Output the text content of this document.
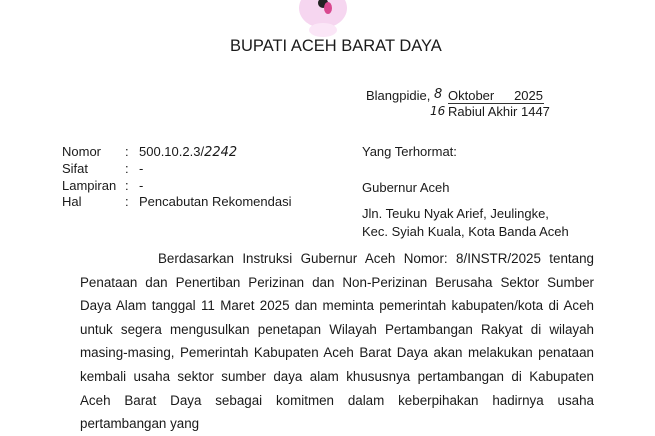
BUPATI ACEH BARAT DAYA
Blangpidie, 8 Oktober 2025
16 Rabiul Akhir 1447
Nomor : 500.10.2.3/2242
Sifat	: -
Lampiran : -
Hal	: Pencabutan Rekomendasi
Yang Terhormat:
Gubernur Aceh
Jln. Teuku Nyak Arief, Jeulingke,
Kec. Syiah Kuala, Kota Banda Aceh

Berdasarkan Instruksi Gubernur Aceh Nomor: 8/INSTR/2025 tentang Penataan dan Penertiban Perizinan dan Non-Perizinan Berusaha Sektor Sumber Daya Alam tanggal 11 Maret 2025 dan meminta pemerintah kabupaten/kota di Aceh untuk segera mengusulkan penetapan Wilayah Pertambangan Rakyat di wilayah masing-masing, Pemerintah Kabupaten Aceh Barat Daya akan melakukan penataan kembali usaha sektor sumber daya alam khususnya pertambangan di Kabupaten Aceh Barat Daya sebagai komitmen dalam keberpihakan hadirnya usaha pertambangan yang
